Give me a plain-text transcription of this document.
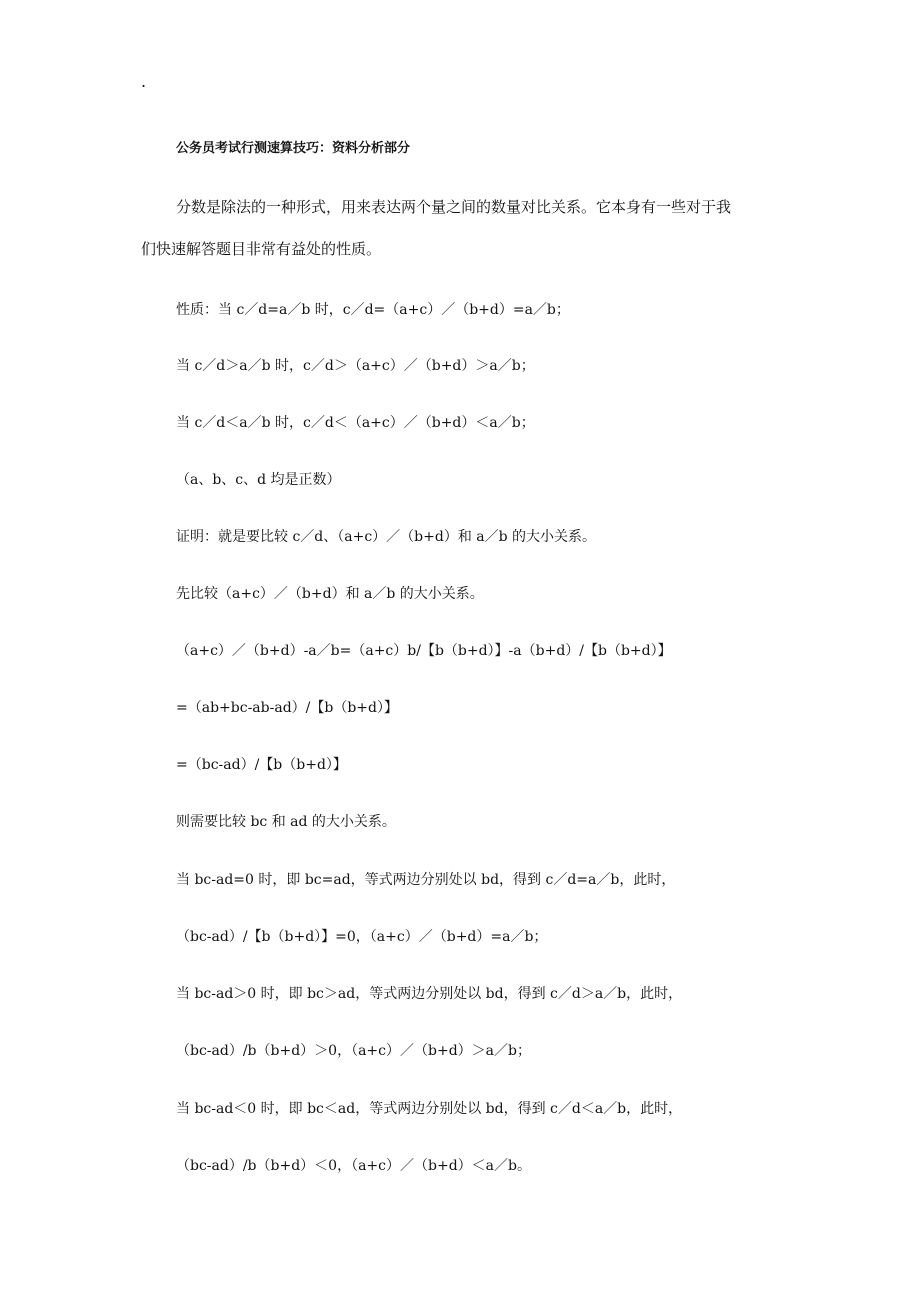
.
公务员考试行测速算技巧：资料分析部分
分数是除法的一种形式，用来表达两个量之间的数量对比关系。它本身有一些对于我
们快速解答题目非常有益处的性质。
性质：当 c／d=a／b 时，c／d=（a+c）／（b+d）=a／b；
当 c／d＞a／b 时，c／d＞（a+c）／（b+d）＞a／b；
当 c／d＜a／b 时，c／d＜（a+c）／（b+d）＜a／b；
（a、b、c、d 均是正数）
证明：就是要比较 c／d、（a+c）／（b+d）和 a／b 的大小关系。
先比较（a+c）／（b+d）和 a／b 的大小关系。
（a+c）／（b+d）-a／b=（a+c）b/【b（b+d）】-a（b+d）/【b（b+d）】
=（ab+bc-ab-ad）/【b（b+d）】
=（bc-ad）/【b（b+d）】
则需要比较 bc 和 ad 的大小关系。
当 bc-ad=0 时，即 bc=ad，等式两边分别处以 bd，得到 c／d=a／b，此时，
（bc-ad）/【b（b+d）】=0，（a+c）／（b+d）=a／b；
当 bc-ad＞0 时，即 bc＞ad，等式两边分别处以 bd，得到 c／d＞a／b，此时，
（bc-ad）/b（b+d）＞0，（a+c）／（b+d）＞a／b；
当 bc-ad＜0 时，即 bc＜ad，等式两边分别处以 bd，得到 c／d＜a／b，此时，
（bc-ad）/b（b+d）＜0，（a+c）／（b+d）＜a／b。
